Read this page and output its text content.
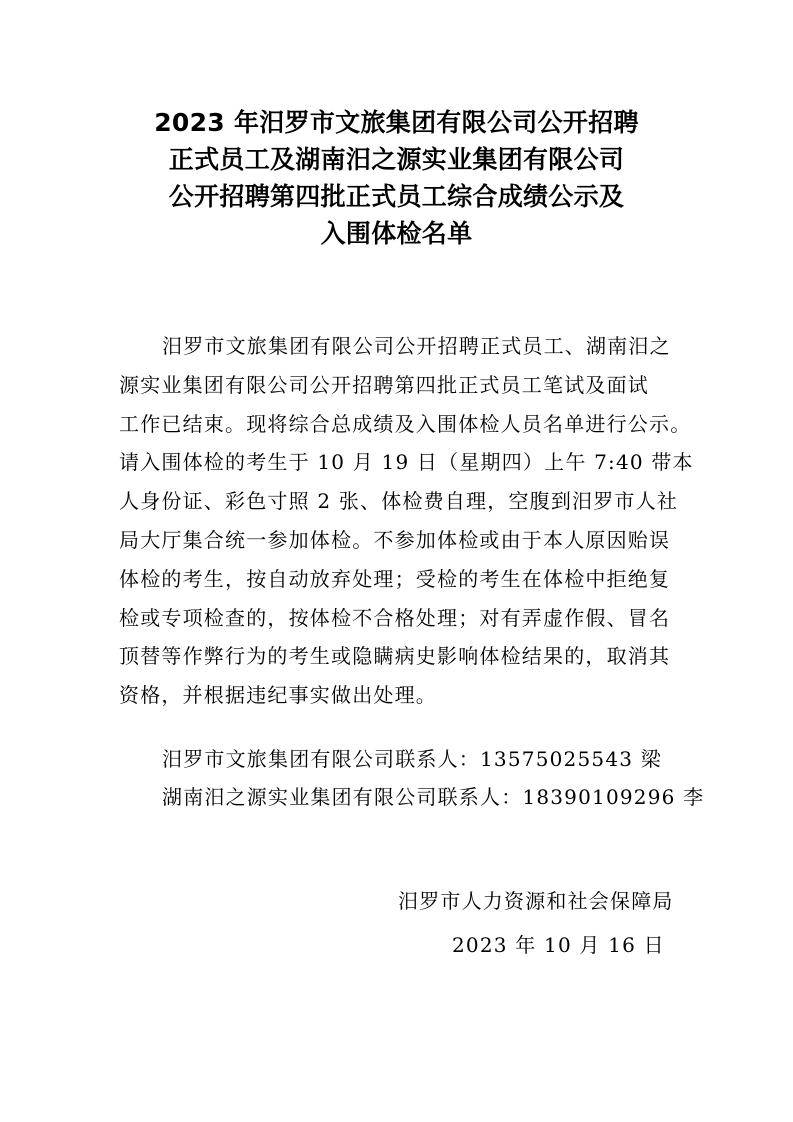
2023 年汨罗市文旅集团有限公司公开招聘
正式员工及湖南汨之源实业集团有限公司
公开招聘第四批正式员工综合成绩公示及
入围体检名单
汨罗市文旅集团有限公司公开招聘正式员工、湖南汨之
源实业集团有限公司公开招聘第四批正式员工笔试及面试
工作已结束。现将综合总成绩及入围体检人员名单进行公示。
请入围体检的考生于 10 月 19 日（星期四）上午 7:40 带本
人身份证、彩色寸照 2 张、体检费自理，空腹到汨罗市人社
局大厅集合统一参加体检。不参加体检或由于本人原因贻误
体检的考生，按自动放弃处理；受检的考生在体检中拒绝复
检或专项检查的，按体检不合格处理；对有弄虚作假、冒名
顶替等作弊行为的考生或隐瞒病史影响体检结果的，取消其
资格，并根据违纪事实做出处理。
汨罗市文旅集团有限公司联系人：13575025543 梁
湖南汨之源实业集团有限公司联系人：18390109296 李
汨罗市人力资源和社会保障局
2023 年 10 月 16 日
